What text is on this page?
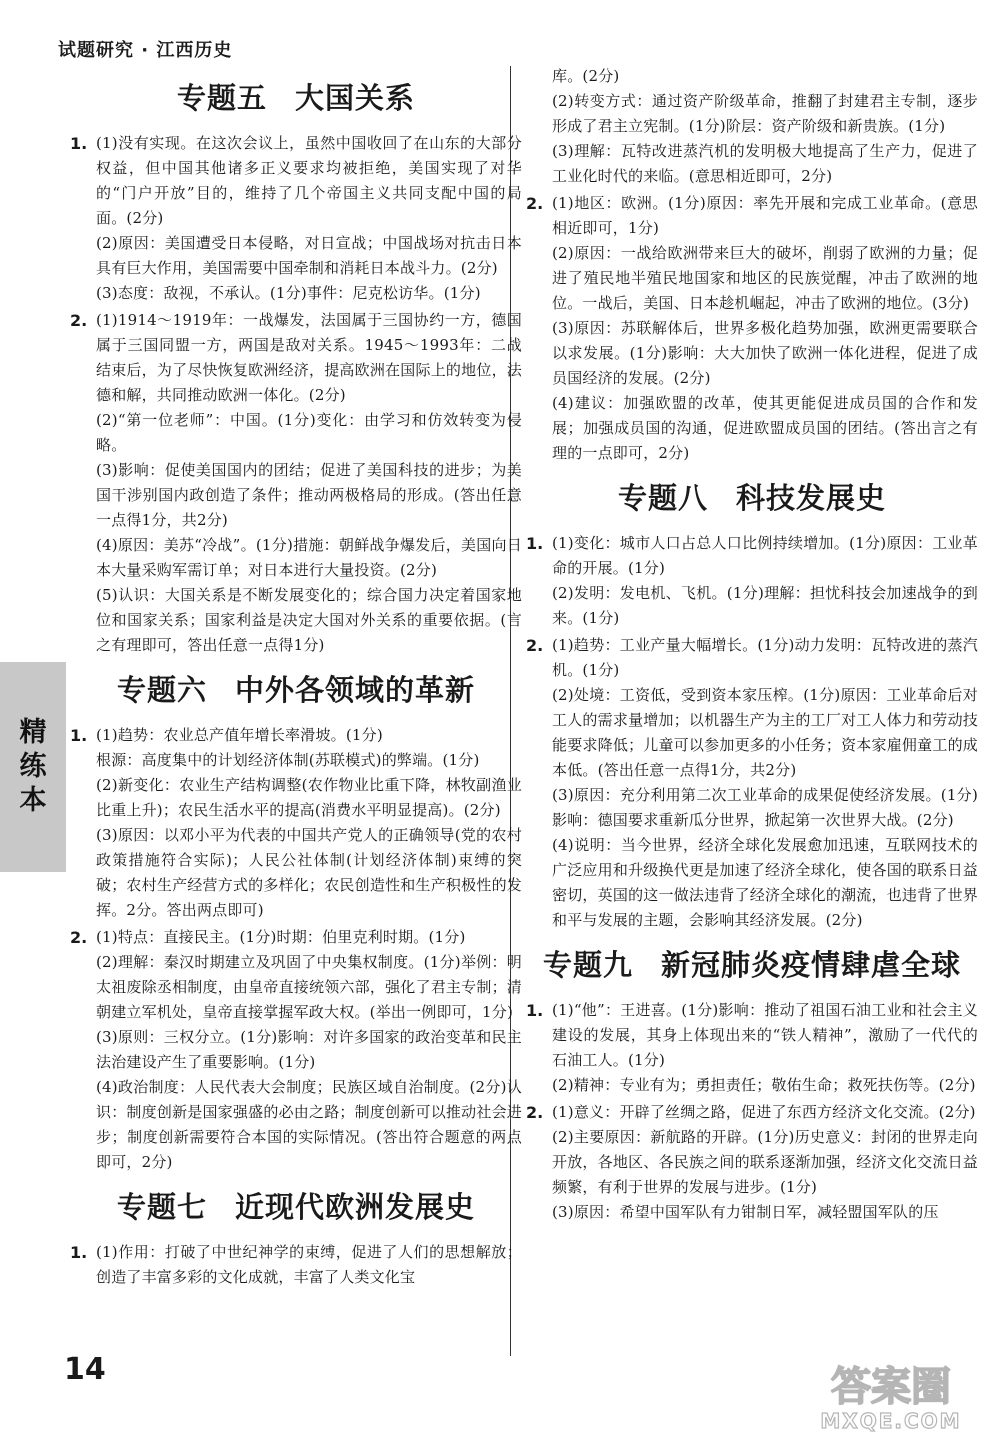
试题研究 · 江西历史
专题五 大国关系
1. (1)没有实现。在这次会议上，虽然中国收回了在山东的大部分权益，但中国其他诸多正义要求均被拒绝，美国实现了对华的“门户开放”目的，维持了几个帝国主义共同支配中国的局面。(2分)

(2)原因：美国遭受日本侵略，对日宣战；中国战场对抗击日本具有巨大作用，美国需要中国牵制和消耗日本战斗力。(2分)

(3)态度：敌视，不承认。(1分)事件：尼克松访华。(1分)

2. (1)1914～1919年：一战爆发，法国属于三国协约一方，德国属于三国同盟一方，两国是敌对关系。1945～1993年：二战结束后，为了尽快恢复欧洲经济，提高欧洲在国际上的地位，法德和解，共同推动欧洲一体化。(2分)

(2)“第一位老师”：中国。(1分)变化：由学习和仿效转变为侵略。

(3)影响：促使美国国内的团结；促进了美国科技的进步；为美国干涉别国内政创造了条件；推动两极格局的形成。(答出任意一点得1分，共2分)

(4)原因：美苏“冷战”。(1分)措施：朝鲜战争爆发后，美国向日本大量采购军需订单；对日本进行大量投资。(2分)

(5)认识：大国关系是不断发展变化的；综合国力决定着国家地位和国家关系；国家利益是决定大国对外关系的重要依据。(言之有理即可，答出任意一点得1分)

专题六 中外各领域的革新
1. (1)趋势：农业总产值年增长率滑坡。(1分)

根源：高度集中的计划经济体制(苏联模式)的弊端。(1分)

(2)新变化：农业生产结构调整(农作物业比重下降，林牧副渔业比重上升)；农民生活水平的提高(消费水平明显提高)。(2分)

(3)原因：以邓小平为代表的中国共产党人的正确领导(党的农村政策措施符合实际)；人民公社体制(计划经济体制)束缚的突破；农村生产经营方式的多样化；农民创造性和生产积极性的发挥。2分。答出两点即可)

2. (1)特点：直接民主。(1分)时期：伯里克利时期。(1分)

(2)理解：秦汉时期建立及巩固了中央集权制度。(1分)举例：明太祖废除丞相制度，由皇帝直接统领六部，强化了君主专制；清朝建立军机处，皇帝直接掌握军政大权。(举出一例即可，1分)

(3)原则：三权分立。(1分)影响：对许多国家的政治变革和民主法治建设产生了重要影响。(1分)

(4)政治制度：人民代表大会制度；民族区域自治制度。(2分)认识：制度创新是国家强盛的必由之路；制度创新可以推动社会进步；制度创新需要符合本国的实际情况。(答出符合题意的两点即可，2分)

专题七 近现代欧洲发展史
1. (1)作用：打破了中世纪神学的束缚，促进了人们的思想解放；创造了丰富多彩的文化成就，丰富了人类文化宝

库。(2分)

(2)转变方式：通过资产阶级革命，推翻了封建君主专制，逐步形成了君主立宪制。(1分)阶层：资产阶级和新贵族。(1分)

(3)理解：瓦特改进蒸汽机的发明极大地提高了生产力，促进了工业化时代的来临。(意思相近即可，2分)

2. (1)地区：欧洲。(1分)原因：率先开展和完成工业革命。(意思相近即可，1分)

(2)原因：一战给欧洲带来巨大的破坏，削弱了欧洲的力量；促进了殖民地半殖民地国家和地区的民族觉醒，冲击了欧洲的地位。一战后，美国、日本趁机崛起，冲击了欧洲的地位。(3分)

(3)原因：苏联解体后，世界多极化趋势加强，欧洲更需要联合以求发展。(1分)影响：大大加快了欧洲一体化进程，促进了成员国经济的发展。(2分)

(4)建议：加强欧盟的改革，使其更能促进成员国的合作和发展；加强成员国的沟通，促进欧盟成员国的团结。(答出言之有理的一点即可，2分)

专题八 科技发展史
1. (1)变化：城市人口占总人口比例持续增加。(1分)原因：工业革命的开展。(1分)

(2)发明：发电机、飞机。(1分)理解：担忧科技会加速战争的到来。(1分)

2. (1)趋势：工业产量大幅增长。(1分)动力发明：瓦特改进的蒸汽机。(1分)

(2)处境：工资低，受到资本家压榨。(1分)原因：工业革命后对工人的需求量增加；以机器生产为主的工厂对工人体力和劳动技能要求降低；儿童可以参加更多的小任务；资本家雇佣童工的成本低。(答出任意一点得1分，共2分)

(3)原因：充分利用第二次工业革命的成果促使经济发展。(1分)影响：德国要求重新瓜分世界，掀起第一次世界大战。(2分)

(4)说明：当今世界，经济全球化发展愈加迅速，互联网技术的广泛应用和升级换代更是加速了经济全球化，使各国的联系日益密切，英国的这一做法违背了经济全球化的潮流，也违背了世界和平与发展的主题，会影响其经济发展。(2分)

专题九 新冠肺炎疫情肆虐全球
1. (1)“他”：王进喜。(1分)影响：推动了祖国石油工业和社会主义建设的发展，其身上体现出来的“铁人精神”，激励了一代代的石油工人。(1分)

(2)精神：专业有为；勇担责任；敬佑生命；救死扶伤等。(2分)

2. (1)意义：开辟了丝绸之路，促进了东西方经济文化交流。(2分)

(2)主要原因：新航路的开辟。(1分)历史意义：封闭的世界走向开放，各地区、各民族之间的联系逐渐加强，经济文化交流日益频繁，有利于世界的发展与进步。(1分)

(3)原因：希望中国军队有力钳制日军，减轻盟国军队的压

精
练
本
14	答案圈
MXQE.COM
